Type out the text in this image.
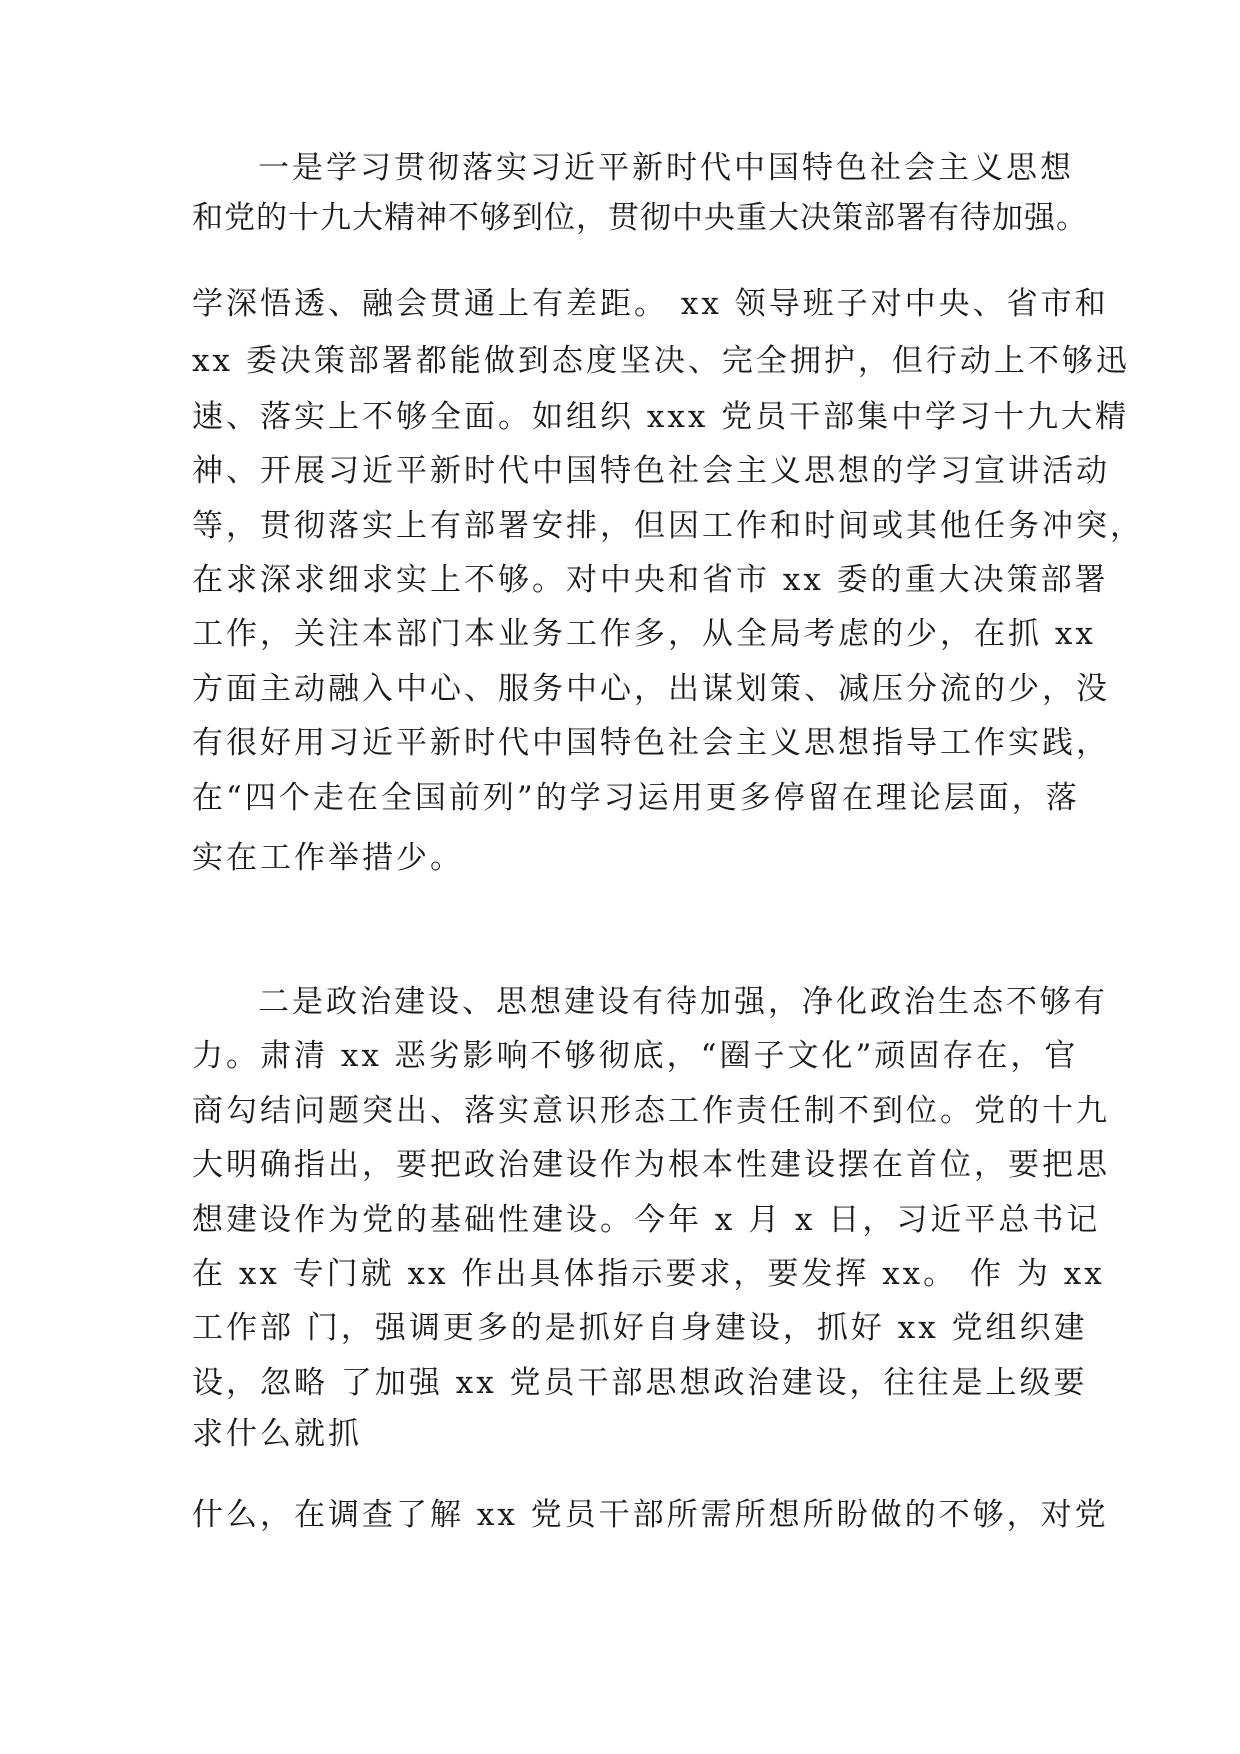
一是学习贯彻落实习近平新时代中国特色社会主义思想

和党的十九大精神不够到位，贯彻中央重大决策部署有待加强。

学深悟透、融会贯通上有差距。 xx 领导班子对中央、省市和

xx 委决策部署都能做到态度坚决、完全拥护，但行动上不够迅

速、落实上不够全面。如组织 xxx 党员干部集中学习十九大精

神、开展习近平新时代中国特色社会主义思想的学习宣讲活动

等，贯彻落实上有部署安排，但因工作和时间或其他任务冲突，

在求深求细求实上不够。对中央和省市 xx 委的重大决策部署

工作，关注本部门本业务工作多，从全局考虑的少，在抓 xx

方面主动融入中心、服务中心，出谋划策、减压分流的少，没

有很好用习近平新时代中国特色社会主义思想指导工作实践，

在“四个走在全国前列”的学习运用更多停留在理论层面，落

实在工作举措少。

二是政治建设、思想建设有待加强，净化政治生态不够有

力。肃清 xx 恶劣影响不够彻底，“圈子文化”顽固存在，官

商勾结问题突出、落实意识形态工作责任制不到位。党的十九

大明确指出，要把政治建设作为根本性建设摆在首位，要把思

想建设作为党的基础性建设。今年 x 月 x 日，习近平总书记

在 xx 专门就 xx 作出具体指示要求，要发挥 xx。 作 为 xx

工作部 门，强调更多的是抓好自身建设，抓好 xx 党组织建

设，忽略 了加强 xx 党员干部思想政治建设，往往是上级要

求什么就抓

什么，在调查了解 xx 党员干部所需所想所盼做的不够，对党
